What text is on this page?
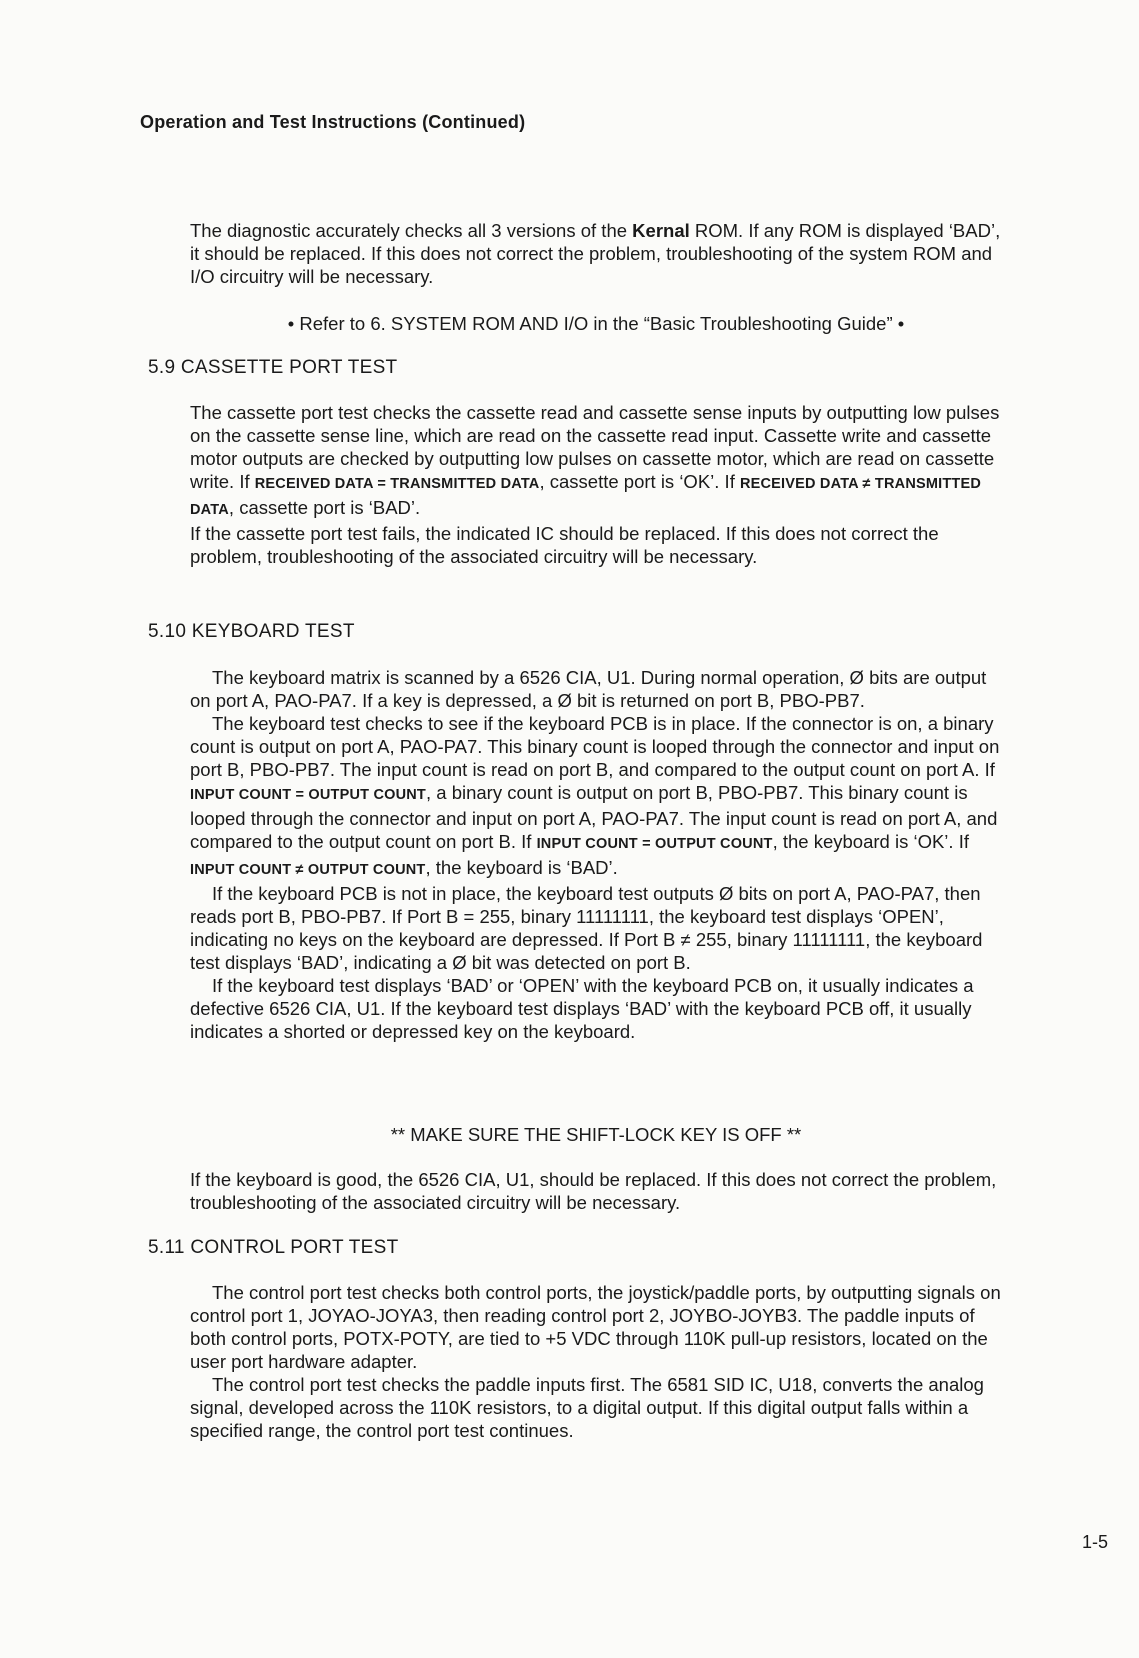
Operation and Test Instructions (Continued)

The diagnostic accurately checks all 3 versions of the Kernal ROM. If any ROM is displayed ‘BAD’, it should be replaced. If this does not correct the problem, troubleshooting of the system ROM and I/O circuitry will be necessary.

• Refer to 6. SYSTEM ROM AND I/O in the “Basic Troubleshooting Guide” •
5.9 CASSETTE PORT TEST

The cassette port test checks the cassette read and cassette sense inputs by outputting low pulses on the cassette sense line, which are read on the cassette read input. Cassette write and cassette motor outputs are checked by outputting low pulses on cassette motor, which are read on cassette write. If RECEIVED DATA = TRANSMITTED DATA, cassette port is ‘OK’. If RECEIVED DATA ≠ TRANSMITTED DATA, cassette port is ‘BAD’.

If the cassette port test fails, the indicated IC should be replaced. If this does not correct the problem, troubleshooting of the associated circuitry will be necessary.

5.10 KEYBOARD TEST

The keyboard matrix is scanned by a 6526 CIA, U1. During normal operation, Ø bits are output on port A, PAO-PA7. If a key is depressed, a Ø bit is returned on port B, PBO-PB7.

The keyboard test checks to see if the keyboard PCB is in place. If the connector is on, a binary count is output on port A, PAO-PA7. This binary count is looped through the connector and input on port B, PBO-PB7. The input count is read on port B, and compared to the output count on port A. If INPUT COUNT = OUTPUT COUNT, a binary count is output on port B, PBO-PB7. This binary count is looped through the connector and input on port A, PAO-PA7. The input count is read on port A, and compared to the output count on port B. If INPUT COUNT = OUTPUT COUNT, the keyboard is ‘OK’. If INPUT COUNT ≠ OUTPUT COUNT, the keyboard is ‘BAD’.

If the keyboard PCB is not in place, the keyboard test outputs Ø bits on port A, PAO-PA7, then reads port B, PBO-PB7. If Port B = 255, binary 11111111, the keyboard test displays ‘OPEN’, indicating no keys on the keyboard are depressed. If Port B ≠ 255, binary 11111111, the keyboard test displays ‘BAD’, indicating a Ø bit was detected on port B.

If the keyboard test displays ‘BAD’ or ‘OPEN’ with the keyboard PCB on, it usually indicates a defective 6526 CIA, U1. If the keyboard test displays ‘BAD’ with the keyboard PCB off, it usually indicates a shorted or depressed key on the keyboard.

** MAKE SURE THE SHIFT-LOCK KEY IS OFF **

If the keyboard is good, the 6526 CIA, U1, should be replaced. If this does not correct the problem, troubleshooting of the associated circuitry will be necessary.

5.11 CONTROL PORT TEST

The control port test checks both control ports, the joystick/paddle ports, by outputting signals on control port 1, JOYAO-JOYA3, then reading control port 2, JOYBO-JOYB3. The paddle inputs of both control ports, POTX-POTY, are tied to +5 VDC through 110K pull-up resistors, located on the user port hardware adapter.

The control port test checks the paddle inputs first. The 6581 SID IC, U18, converts the analog signal, developed across the 110K resistors, to a digital output. If this digital output falls within a specified range, the control port test continues.

1-5
